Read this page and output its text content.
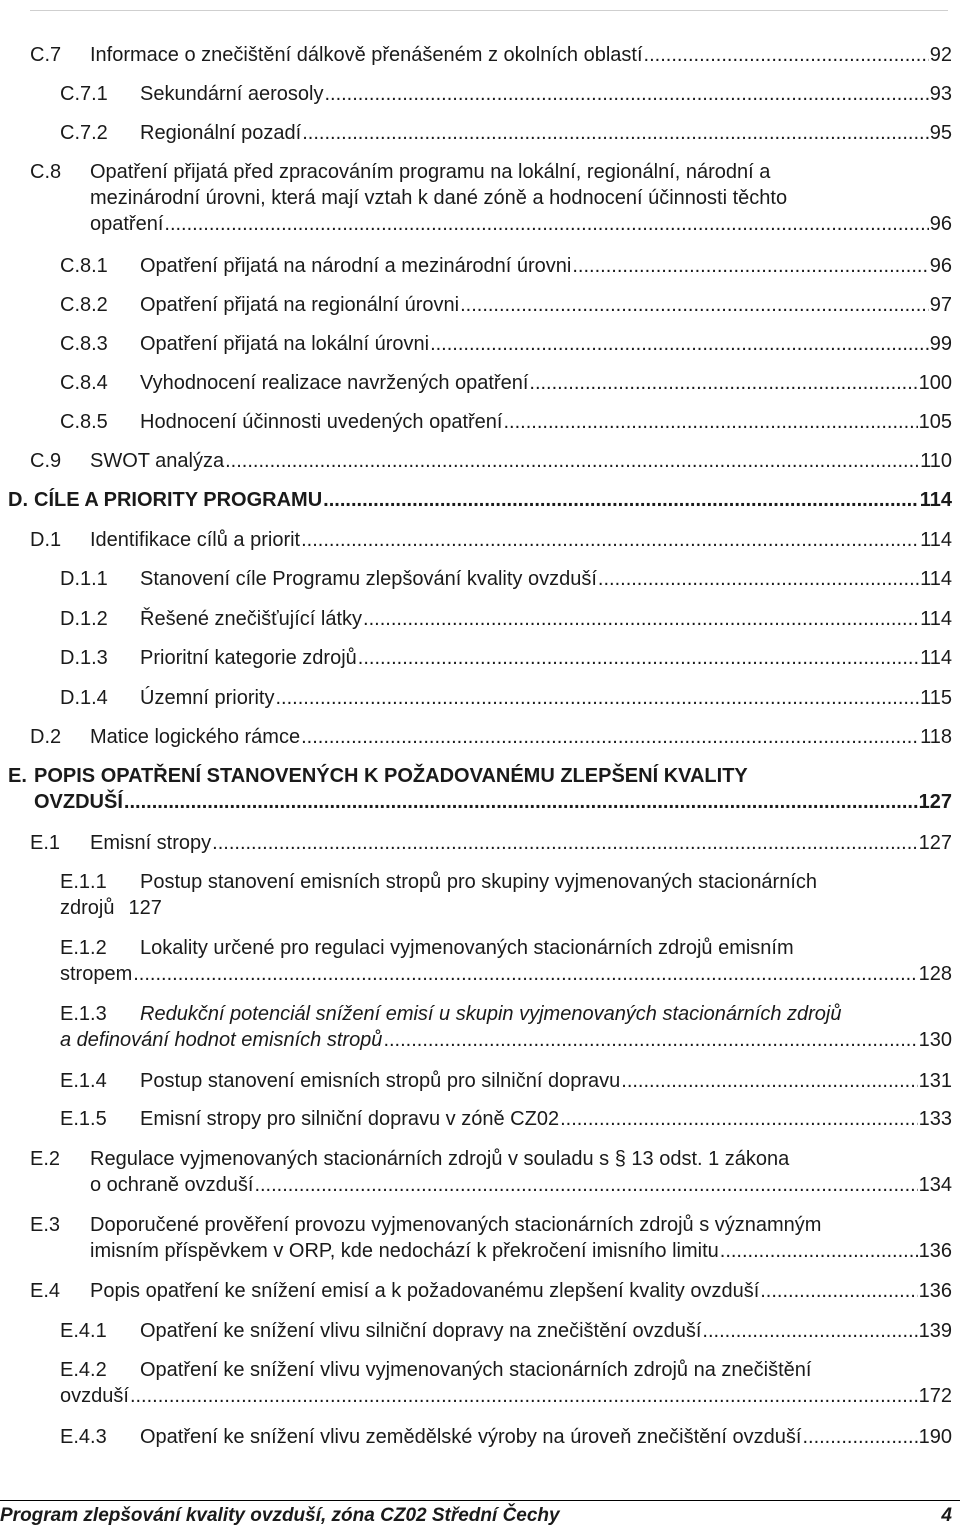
C.7	Informace o znečištění dálkově přenášeném z okolních oblastí .....	92
C.7.1	Sekundární aerosoly .....	93
C.7.2	Regionální pozadí .....	95
C.8	Opatření přijatá před zpracováním programu na lokální, regionální, národní a
mezinárodní úrovni, která mají vztah k dané zóně a hodnocení účinnosti těchto
opatření .....	96
C.8.1	Opatření přijatá na národní a mezinárodní úrovni .....	96
C.8.2	Opatření přijatá na regionální úrovni .....	97
C.8.3	Opatření přijatá na lokální úrovni .....	99
C.8.4	Vyhodnocení realizace navržených opatření .....	100
C.8.5	Hodnocení účinnosti uvedených opatření .....	105
C.9	SWOT analýza .....	110
D. CÍLE A PRIORITY PROGRAMU .....	114
D.1	Identifikace cílů a priorit .....	114
D.1.1	Stanovení cíle Programu zlepšování kvality ovzduší .....	114
D.1.2	Řešené znečišťující látky .....	114
D.1.3	Prioritní kategorie zdrojů .....	114
D.1.4	Územní priority .....	115
D.2	Matice logického rámce .....	118
E. POPIS OPATŘENÍ STANOVENÝCH K POŽADOVANÉMU ZLEPŠENÍ KVALITY
OVZDUŠÍ .....	127
E.1	Emisní stropy .....	127
E.1.1	Postup stanovení emisních stropů pro skupiny vyjmenovaných stacionárních
zdrojů 127
E.1.2	Lokality určené pro regulaci vyjmenovaných stacionárních zdrojů emisním
stropem .....	128
E.1.3	Redukční potenciál snížení emisí u skupin vyjmenovaných stacionárních zdrojů
a definování hodnot emisních stropů .....	130
E.1.4	Postup stanovení emisních stropů pro silniční dopravu .....	131
E.1.5	Emisní stropy pro silniční dopravu v zóně CZ02 .....	133
E.2	Regulace vyjmenovaných stacionárních zdrojů v souladu s § 13 odst. 1 zákona
o ochraně ovzduší .....	134
E.3	Doporučené prověření provozu vyjmenovaných stacionárních zdrojů s významným
imisním příspěvkem v ORP, kde nedochází k překročení imisního limitu .....	136
E.4	Popis opatření ke snížení emisí a k požadovanému zlepšení kvality ovzduší .....	136
E.4.1	Opatření ke snížení vlivu silniční dopravy na znečištění ovzduší .....	139
E.4.2	Opatření ke snížení vlivu vyjmenovaných stacionárních zdrojů na znečištění
ovzduší .....	172
E.4.3	Opatření ke snížení vlivu zemědělské výroby na úroveň znečištění ovzduší .....	190
Program zlepšování kvality ovzduší, zóna CZ02 Střední Čechy	4
